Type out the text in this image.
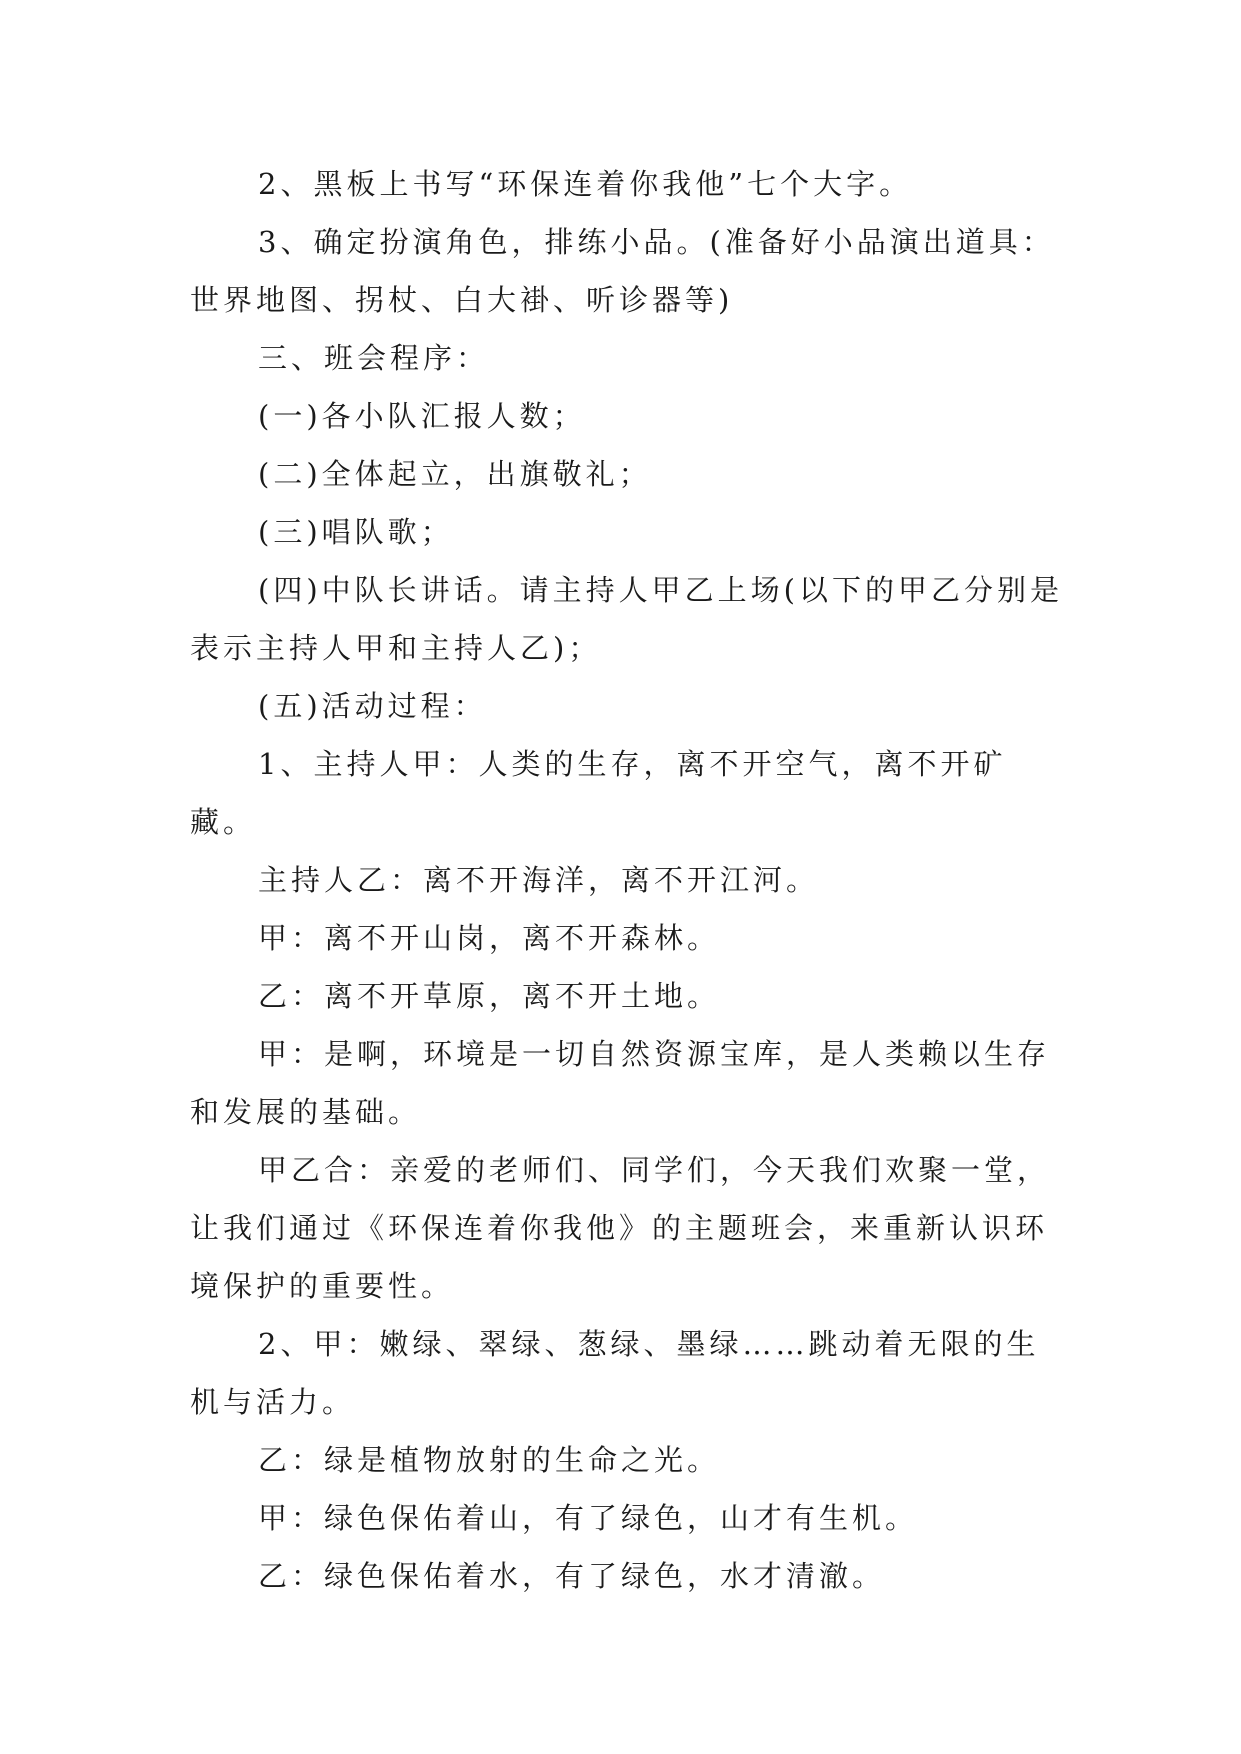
2、黑板上书写“环保连着你我他”七个大字。

3、确定扮演角色，排练小品。(准备好小品演出道具：世界地图、拐杖、白大褂、听诊器等)

三、班会程序：

(一)各小队汇报人数；

(二)全体起立，出旗敬礼；

(三)唱队歌；

(四)中队长讲话。请主持人甲乙上场(以下的甲乙分别是表示主持人甲和主持人乙)；

(五)活动过程：

1、主持人甲：人类的生存，离不开空气，离不开矿藏。

主持人乙：离不开海洋，离不开江河。

甲：离不开山岗，离不开森林。

乙：离不开草原，离不开土地。

甲：是啊，环境是一切自然资源宝库，是人类赖以生存和发展的基础。

甲乙合：亲爱的老师们、同学们，今天我们欢聚一堂，让我们通过《环保连着你我他》的主题班会，来重新认识环境保护的重要性。

2、甲：嫩绿、翠绿、葱绿、墨绿……跳动着无限的生机与活力。

乙：绿是植物放射的生命之光。

甲：绿色保佑着山，有了绿色，山才有生机。

乙：绿色保佑着水，有了绿色，水才清澈。
